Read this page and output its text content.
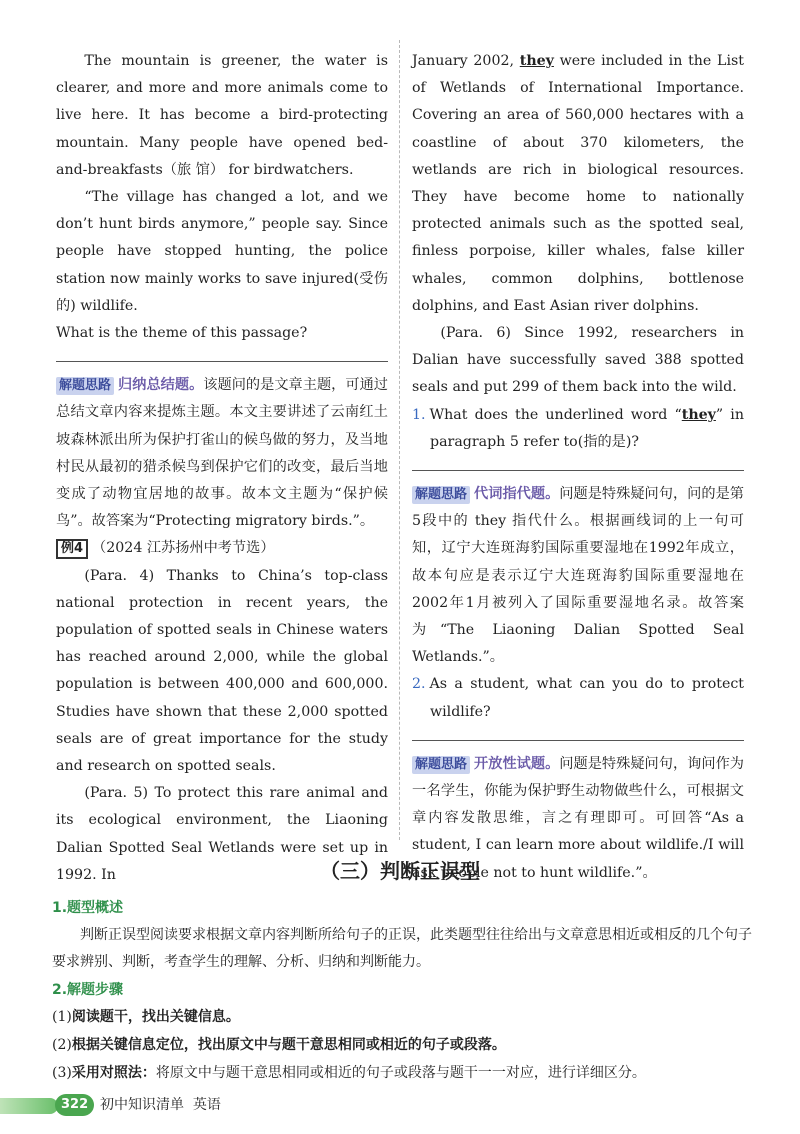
The mountain is greener, the water is clearer, and more and more animals come to live here. It has become a bird-protecting mountain. Many people have opened bed-and-breakfasts（旅 馆） for birdwatchers.

“The village has changed a lot, and we don’t hunt birds anymore,” people say. Since people have stopped hunting, the police station now mainly works to save injured(受伤的) wildlife.

What is the theme of this passage?

解题思路 归纳总结题。该题问的是文章主题，可通过总结文章内容来提炼主题。本文主要讲述了云南红土坡森林派出所为保护打雀山的候鸟做的努力，及当地村民从最初的猎杀候鸟到保护它们的改变，最后当地变成了动物宜居地的故事。故本文主题为“保护候鸟”。故答案为“Protecting migratory birds.”。

例4 （2024 江苏扬州中考节选）

(Para. 4) Thanks to China’s top-class national protection in recent years, the population of spotted seals in Chinese waters has reached around 2,000, while the global population is between 400,000 and 600,000. Studies have shown that these 2,000 spotted seals are of great importance for the study and research on spotted seals.

(Para. 5) To protect this rare animal and its ecological environment, the Liaoning Dalian Spotted Seal Wetlands were set up in 1992. In

January 2002, they were included in the List of Wetlands of International Importance. Covering an area of 560,000 hectares with a coastline of about 370 kilometers, the wetlands are rich in biological resources. They have become home to nationally protected animals such as the spotted seal, finless porpoise, killer whales, false killer whales, common dolphins, bottlenose dolphins, and East Asian river dolphins.

(Para. 6) Since 1992, researchers in Dalian have successfully saved 388 spotted seals and put 299 of them back into the wild.

1. What does the underlined word “they” in paragraph 5 refer to(指的是)?

解题思路 代词指代题。问题是特殊疑问句，问的是第5段中的 they 指代什么。根据画线词的上一句可知，辽宁大连斑海豹国际重要湿地在1992年成立，故本句应是表示辽宁大连斑海豹国际重要湿地在2002年1月被列入了国际重要湿地名录。故答案为“The Liaoning Dalian Spotted Seal Wetlands.”。

2. As a student, what can you do to protect wildlife?

解题思路 开放性试题。问题是特殊疑问句，询问作为一名学生，你能为保护野生动物做些什么，可根据文章内容发散思维，言之有理即可。可回答“As a student, I can learn more about wildlife./I will ask people not to hunt wildlife.”。

（三）判断正误型
1.题型概述

判断正误型阅读要求根据文章内容判断所给句子的正误，此类题型往往给出与文章意思相近或相反的几个句子要求辨别、判断，考查学生的理解、分析、归纳和判断能力。

2.解题步骤
(1)阅读题干，找出关键信息。
(2)根据关键信息定位，找出原文中与题干意思相同或相近的句子或段落。
(3)采用对照法：将原文中与题干意思相同或相近的句子或段落与题干一一对应，进行详细区分。
322 初中知识清单 英语
